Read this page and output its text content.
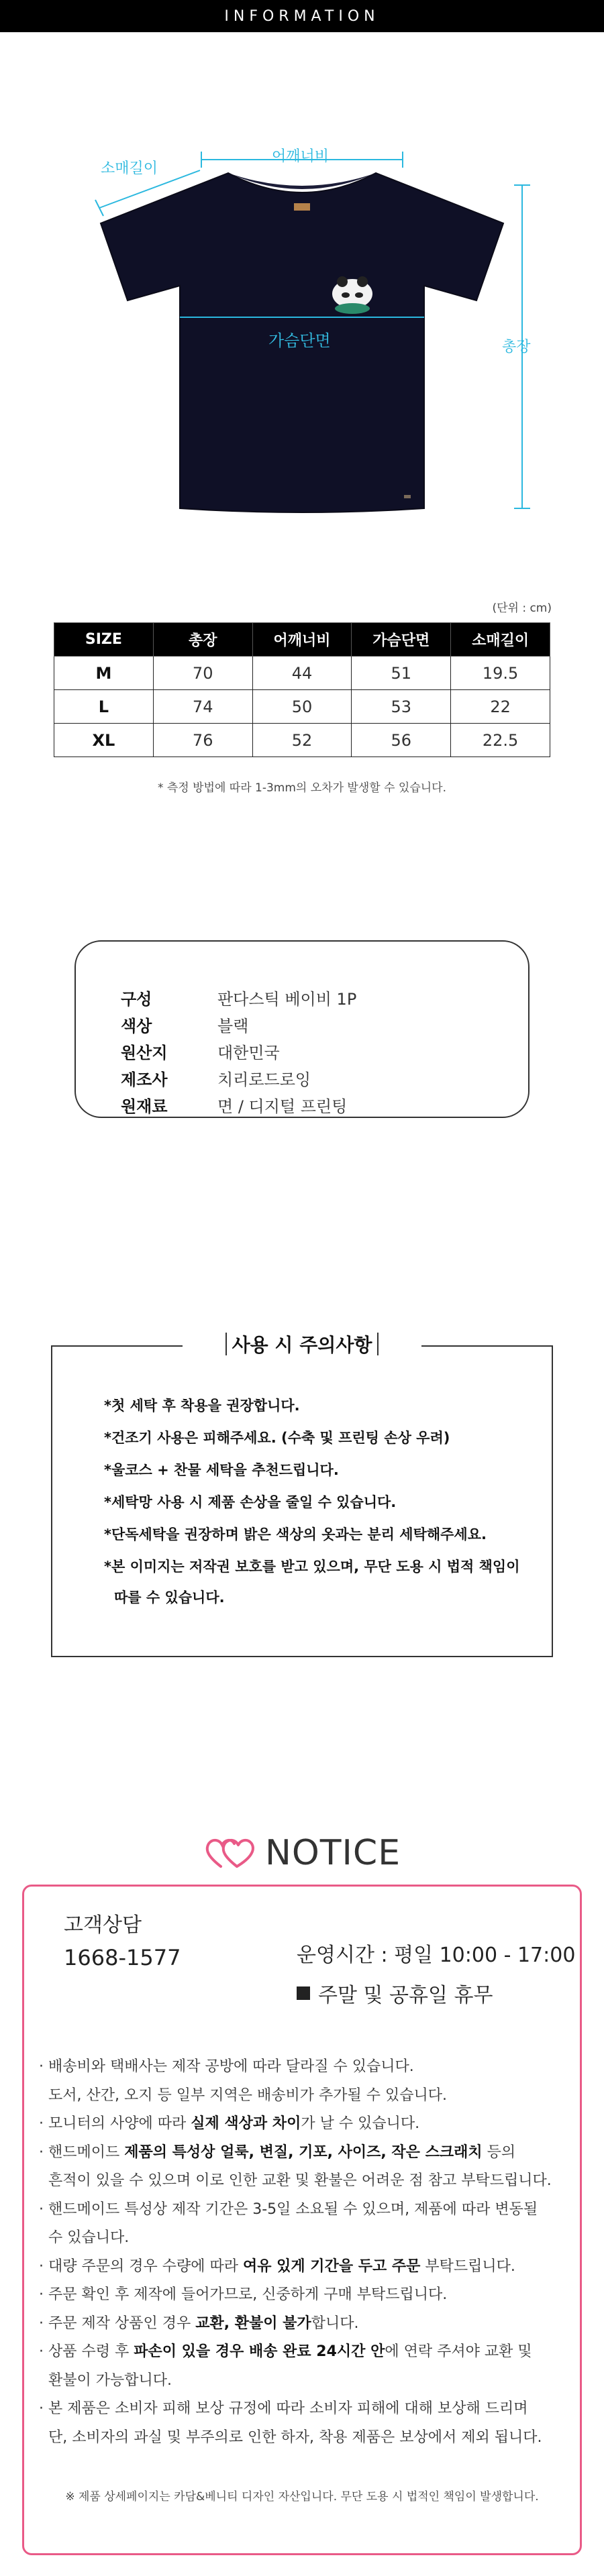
INFORMATION
소매길이
어깨너비
가슴단면	총장
(단위 : cm)
SIZE	총장	어깨너비	가슴단면	소매길이
M	70	44	51	19.5
L	74	50	53	22
XL	76	52	56	22.5
* 측정 방법에 따라 1-3mm의 오차가 발생할 수 있습니다.
구성	판다스틱 베이비 1P
색상	블랙
원산지	대한민국
제조사	치리로드로잉
원재료	면 / 디지털 프린팅
사용 시 주의사항
*첫 세탁 후 착용을 권장합니다.
*건조기 사용은 피해주세요. (수축 및 프린팅 손상 우려)
*울코스 + 찬물 세탁을 추천드립니다.
*세탁망 사용 시 제품 손상을 줄일 수 있습니다.
*단독세탁을 권장하며 밝은 색상의 옷과는 분리 세탁해주세요.
*본 이미지는 저작권 보호를 받고 있으며, 무단 도용 시 법적 책임이
따를 수 있습니다.
NOTICE
고객상담
1668-1577	운영시간 : 평일 10:00 - 17:00
주말 및 공휴일 휴무
· 배송비와 택배사는 제작 공방에 따라 달라질 수 있습니다.
도서, 산간, 오지 등 일부 지역은 배송비가 추가될 수 있습니다.
· 모니터의 사양에 따라 실제 색상과 차이가 날 수 있습니다.
· 핸드메이드 제품의 특성상 얼룩, 변질, 기포, 사이즈, 작은 스크래치 등의
흔적이 있을 수 있으며 이로 인한 교환 및 환불은 어려운 점 참고 부탁드립니다.
· 핸드메이드 특성상 제작 기간은 3-5일 소요될 수 있으며, 제품에 따라 변동될
수 있습니다.
· 대량 주문의 경우 수량에 따라 여유 있게 기간을 두고 주문 부탁드립니다.
· 주문 확인 후 제작에 들어가므로, 신중하게 구매 부탁드립니다.
· 주문 제작 상품인 경우 교환, 환불이 불가합니다.
· 상품 수령 후 파손이 있을 경우 배송 완료 24시간 안에 연락 주셔야 교환 및
환불이 가능합니다.
· 본 제품은 소비자 피해 보상 규정에 따라 소비자 피해에 대해 보상해 드리며
단, 소비자의 과실 및 부주의로 인한 하자, 착용 제품은 보상에서 제외 됩니다.
※ 제품 상세페이지는 카담&베니티 디자인 자산입니다. 무단 도용 시 법적인 책임이 발생합니다.
